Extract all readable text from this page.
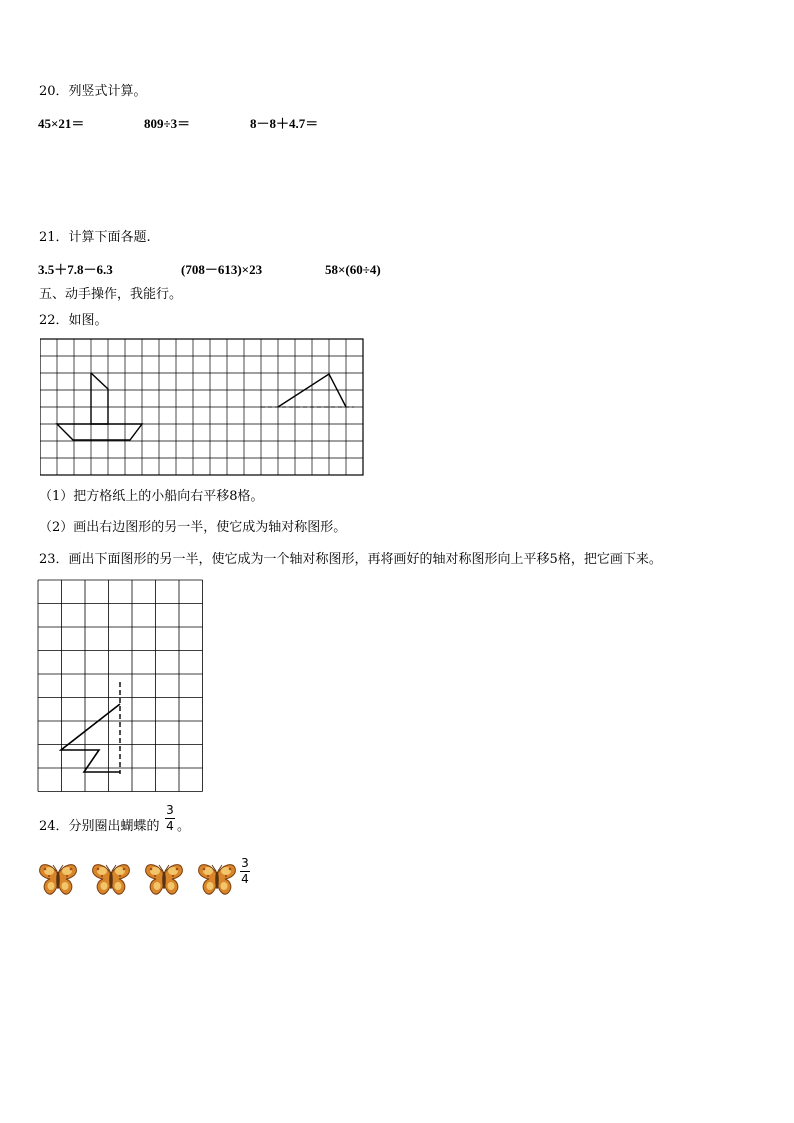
20．列竖式计算。
45×21＝	809÷3＝	8－8＋4.7＝
21．计算下面各题.
3.5＋7.8－6.3	(708－613)×23	58×(60÷4)
五、动手操作，我能行。
22．如图。
（1）把方格纸上的小船向右平移8格。
（2）画出右边图形的另一半，使它成为轴对称图形。
23．画出下面图形的另一半，使它成为一个轴对称图形，再将画好的轴对称图形向上平移5格，把它画下来。
24．分别圈出蝴蝶的
3
4 。
3
4
